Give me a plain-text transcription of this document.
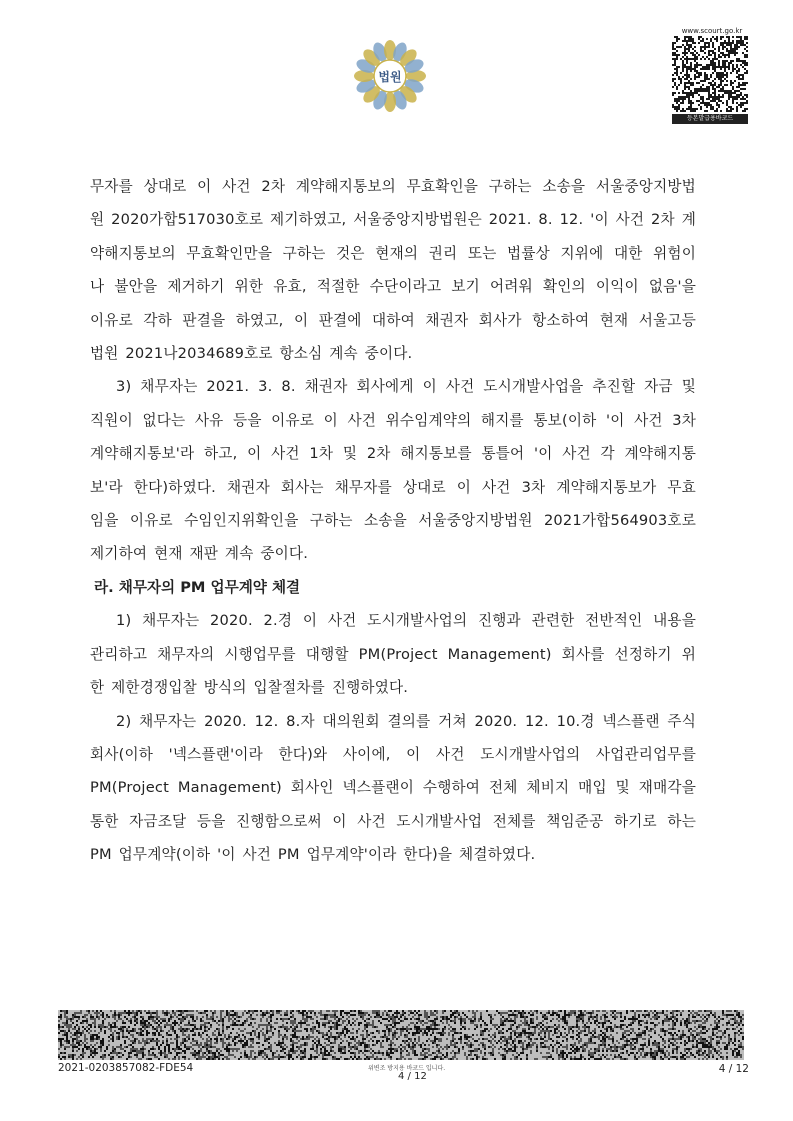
법원
www.scourt.go.kr
등본발급용바코드
무자를 상대로 이 사건 2차 계약해지통보의 무효확인을 구하는 소송을 서울중앙지방법
원 2020가합517030호로 제기하였고, 서울중앙지방법원은 2021. 8. 12. '이 사건 2차 계
약해지통보의 무효확인만을 구하는 것은 현재의 권리 또는 법률상 지위에 대한 위험이
나 불안을 제거하기 위한 유효, 적절한 수단이라고 보기 어려워 확인의 이익이 없음'을
이유로 각하 판결을 하였고, 이 판결에 대하여 채권자 회사가 항소하여 현재 서울고등
법원 2021나2034689호로 항소심 계속 중이다.
3) 채무자는 2021. 3. 8. 채권자 회사에게 이 사건 도시개발사업을 추진할 자금 및
직원이 없다는 사유 등을 이유로 이 사건 위수임계약의 해지를 통보(이하 '이 사건 3차
계약해지통보'라 하고, 이 사건 1차 및 2차 해지통보를 통틀어 '이 사건 각 계약해지통
보'라 한다)하였다. 채권자 회사는 채무자를 상대로 이 사건 3차 계약해지통보가 무효
임을 이유로 수임인지위확인을 구하는 소송을 서울중앙지방법원 2021가합564903호로
제기하여 현재 재판 계속 중이다.
라. 채무자의 PM 업무계약 체결
1) 채무자는 2020. 2.경 이 사건 도시개발사업의 진행과 관련한 전반적인 내용을
관리하고 채무자의 시행업무를 대행할 PM(Project Management) 회사를 선정하기 위
한 제한경쟁입찰 방식의 입찰절차를 진행하였다.
2) 채무자는 2020. 12. 8.자 대의원회 결의를 거쳐 2020. 12. 10.경 넥스플랜 주식
회사(이하 '넥스플랜'이라 한다)와 사이에, 이 사건 도시개발사업의 사업관리업무를
PM(Project Management) 회사인 넥스플랜이 수행하여 전체 체비지 매입 및 재매각을
통한 자금조달 등을 진행함으로써 이 사건 도시개발사업 전체를 책임준공 하기로 하는
PM 업무계약(이하 '이 사건 PM 업무계약'이라 한다)을 체결하였다.
2021-0203857082-FDE54	위변조 방지용 바코드 입니다.
4 / 12
4 / 12
